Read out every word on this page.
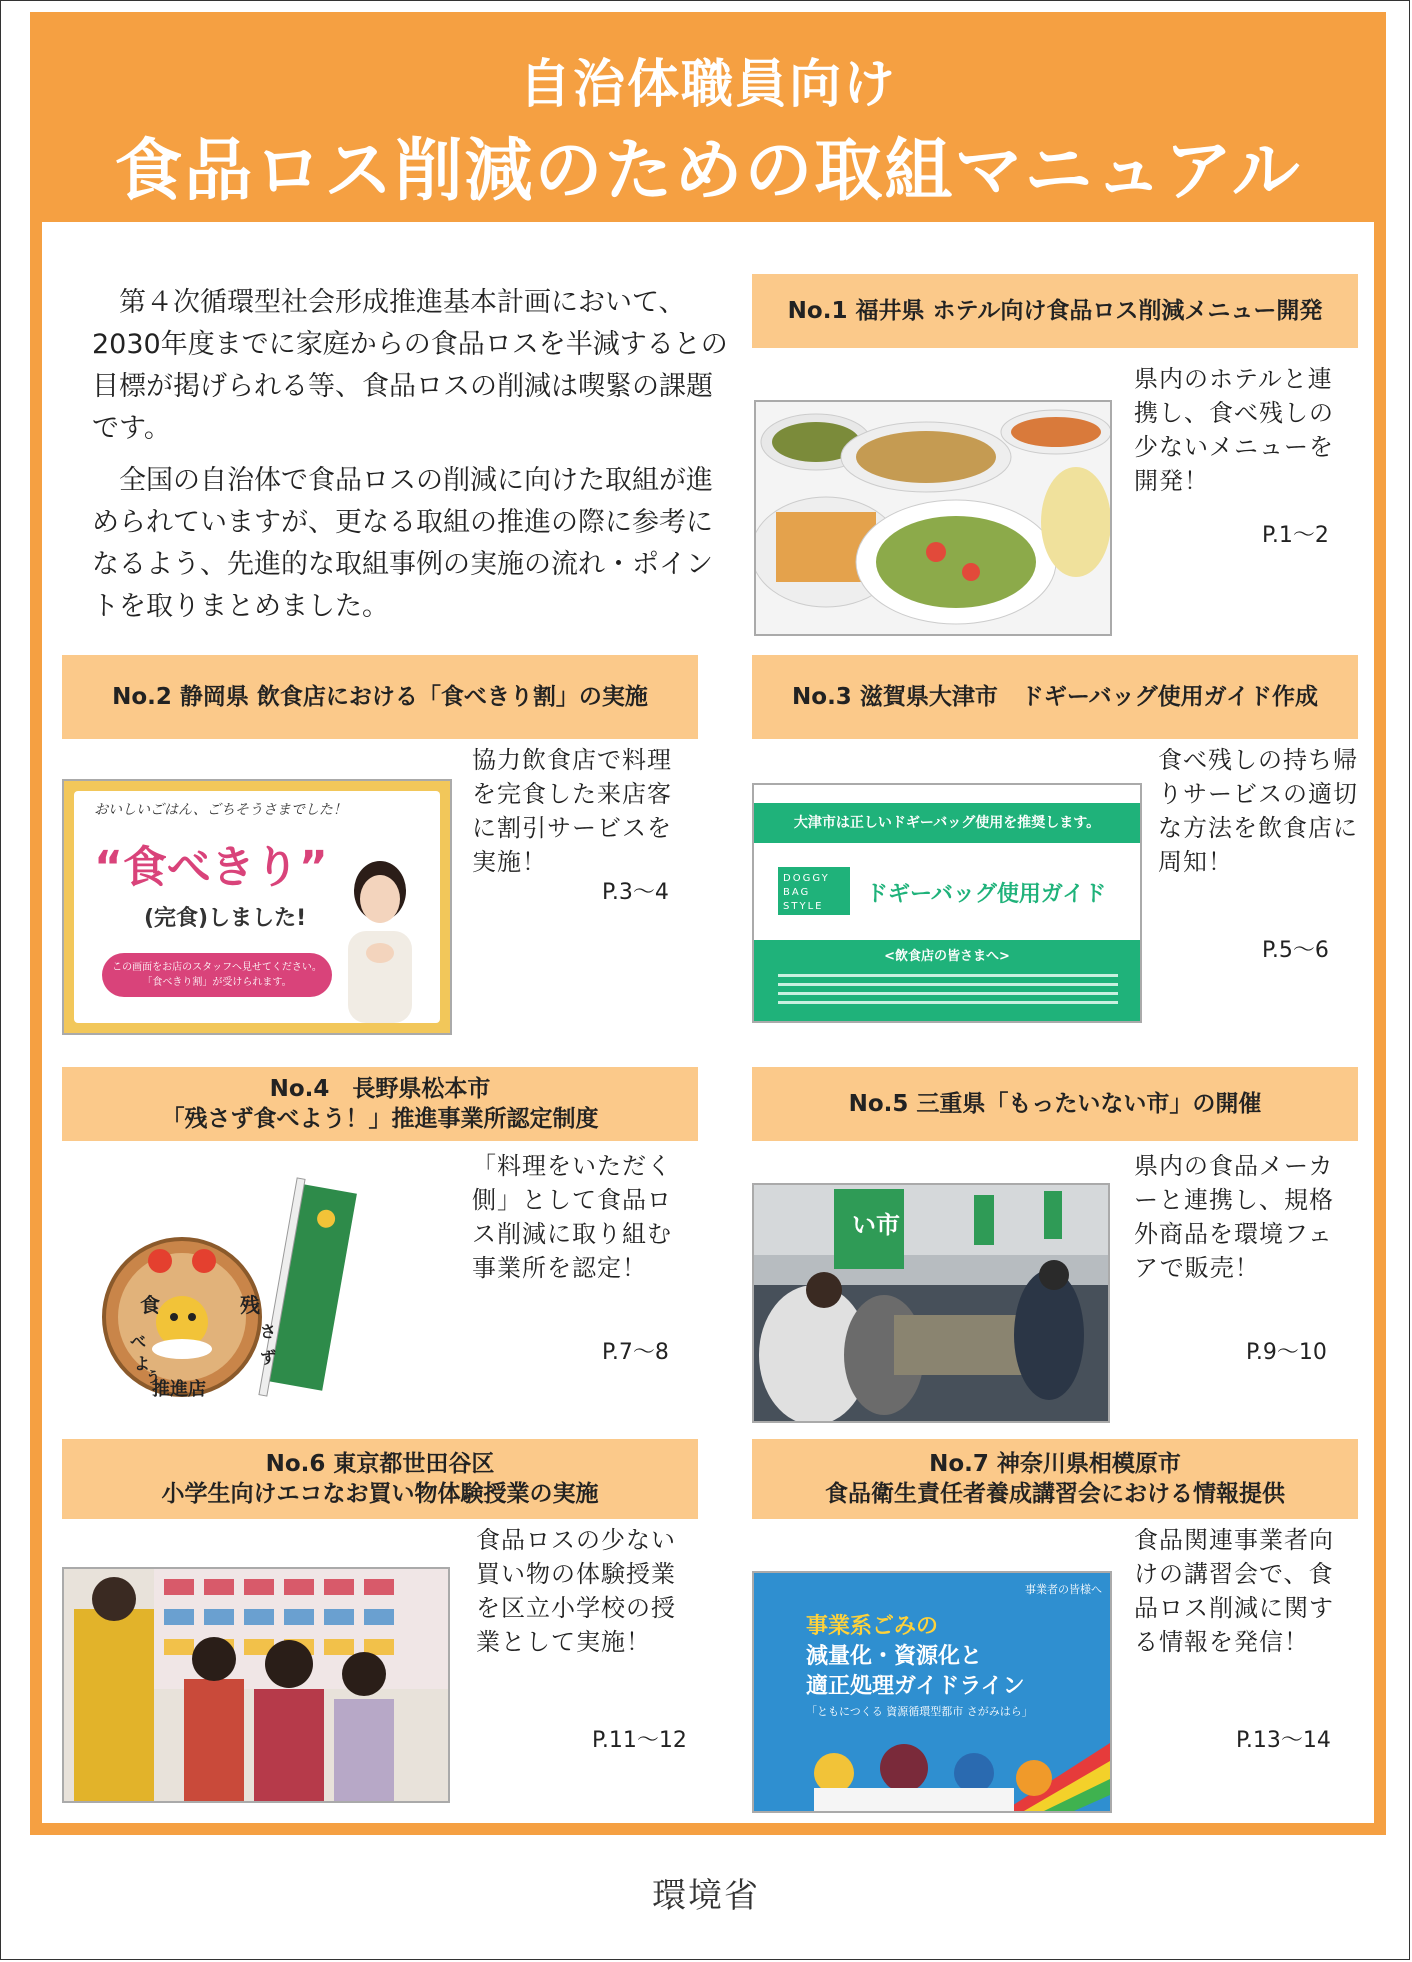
自治体職員向け
食品ロス削減のための取組マニュアル

第４次循環型社会形成推進基本計画において、2030年度までに家庭からの食品ロスを半減するとの目標が掲げられる等、食品ロスの削減は喫緊の課題です。

全国の自治体で食品ロスの削減に向けた取組が進められていますが、更なる取組の推進の際に参考になるよう、先進的な取組事例の実施の流れ・ポイントを取りまとめました。

No.1 福井県 ホテル向け食品ロス削減メニュー開発
県内のホテルと連携し、食べ残しの少ないメニューを開発！
P.1～2
No.2 静岡県 飲食店における「食べきり割」の実施
おいしいごはん、ごちそうさまでした！
“食べきり”
(完食)しました!
この画面をお店のスタッフへ見せてください。
「食べきり割」が受けられます。
協力飲食店で料理を完食した来店客に割引サービスを実施！
P.3～4
No.3 滋賀県大津市　ドギーバッグ使用ガイド作成
大津市は正しいドギーバッグ使用を推奨します。
DOGGY BAG STYLE	ドギーバッグ使用ガイド
<飲食店の皆さまへ>
食べ残しの持ち帰りサービスの適切な方法を飲食店に周知！
P.5～6
No.4　長野県松本市
「残さず食べよう！」推進事業所認定制度
推進店
食	残
さ
ず
べ
よ
う
「料理をいただく側」として食品ロス削減に取り組む事業所を認定！
P.7～8
No.5 三重県「もったいない市」の開催
い市
県内の食品メーカーと連携し、規格外商品を環境フェアで販売！
P.9～10
No.6 東京都世田谷区
小学生向けエコなお買い物体験授業の実施
食品ロスの少ない買い物の体験授業を区立小学校の授業として実施！
P.11～12
No.7 神奈川県相模原市
食品衛生責任者養成講習会における情報提供
事業者の皆様へ
事業系ごみの
減量化・資源化と
適正処理ガイドライン
「ともにつくる 資源循環型都市 さがみはら」
食品関連事業者向けの講習会で、食品ロス削減に関する情報を発信！
P.13～14
環境省
